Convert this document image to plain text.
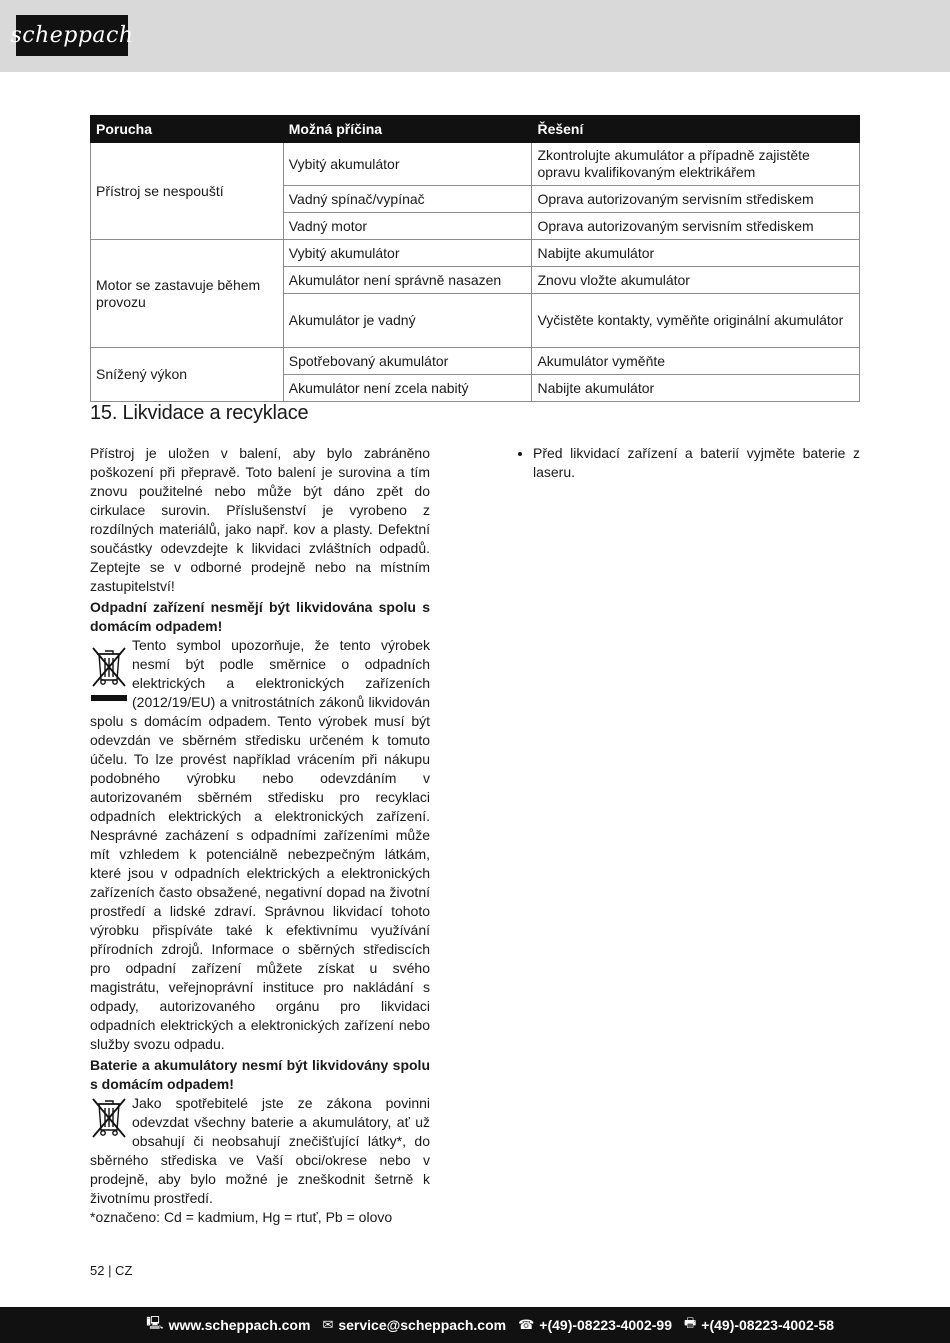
scheppach
Porucha	Možná příčina	Řešení
Přístroj se nespouští	Vybitý akumulátor	Zkontrolujte akumulátor a případně zajistěte opravu kvalifikovaným elektrikářem
	Vadný spínač/vypínač	Oprava autorizovaným servisním střediskem
	Vadný motor	Oprava autorizovaným servisním střediskem
Motor se zastavuje během provozu	Vybitý akumulátor	Nabijte akumulátor
	Akumulátor není správně nasazen	Znovu vložte akumulátor
	Akumulátor je vadný	Vyčistěte kontakty, vyměňte originální akumulátor
Snížený výkon	Spotřebovaný akumulátor	Akumulátor vyměňte
	Akumulátor není zcela nabitý	Nabijte akumulátor
15. Likvidace a recyklace

Přístroj je uložen v balení, aby bylo zabráněno poškození při přepravě. Toto balení je surovina a tím znovu použitelné nebo může být dáno zpět do cirkulace surovin. Příslušenství je vyrobeno z rozdílných materiálů, jako např. kov a plasty. Defektní součástky odevzdejte k likvidaci zvláštních odpadů. Zeptejte se v odborné prodejně nebo na místním zastupitelství!

Odpadní zařízení nesmějí být likvidována spolu s domácím odpadem!

Tento symbol upozorňuje, že tento výrobek nesmí být podle směrnice o odpadních elektrických a elektronických zařízeních (2012/19/EU) a vnitrostátních zákonů likvidován spolu s domácím odpadem. Tento výrobek musí být odevzdán ve sběrném středisku určeném k tomuto účelu. To lze provést například vrácením při nákupu podobného výrobku nebo odevzdáním v autorizovaném sběrném středisku pro recyklaci odpadních elektrických a elektronických zařízení. Nesprávné zacházení s odpadními zařízeními může mít vzhledem k potenciálně nebezpečným látkám, které jsou v odpadních elektrických a elektronických zařízeních často obsažené, negativní dopad na životní prostředí a lidské zdraví. Správnou likvidací tohoto výrobku přispíváte také k efektivnímu využívání přírodních zdrojů. Informace o sběrných střediscích pro odpadní zařízení můžete získat u svého magistrátu, veřejnoprávní instituce pro nakládání s odpady, autorizovaného orgánu pro likvidaci odpadních elektrických a elektronických zařízení nebo služby svozu odpadu.

Baterie a akumulátory nesmí být likvidovány spolu s domácím odpadem!

Jako spotřebitelé jste ze zákona povinni odevzdat všechny baterie a akumulátory, ať už obsahují či neobsahují znečišťující látky*, do sběrného střediska ve Vaší obci/okrese nebo v prodejně, aby bylo možné je zneškodnit šetrně k životnímu prostředí.

*označeno: Cd = kadmium, Hg = rtuť, Pb = olovo

• Před likvidací zařízení a baterií vyjměte baterie z laseru.
52 | CZ
🖳︎ www.scheppach.com ✉︎ service@scheppach.com ☎︎ +(49)-08223-4002-99 🖶︎ +(49)-08223-4002-58
